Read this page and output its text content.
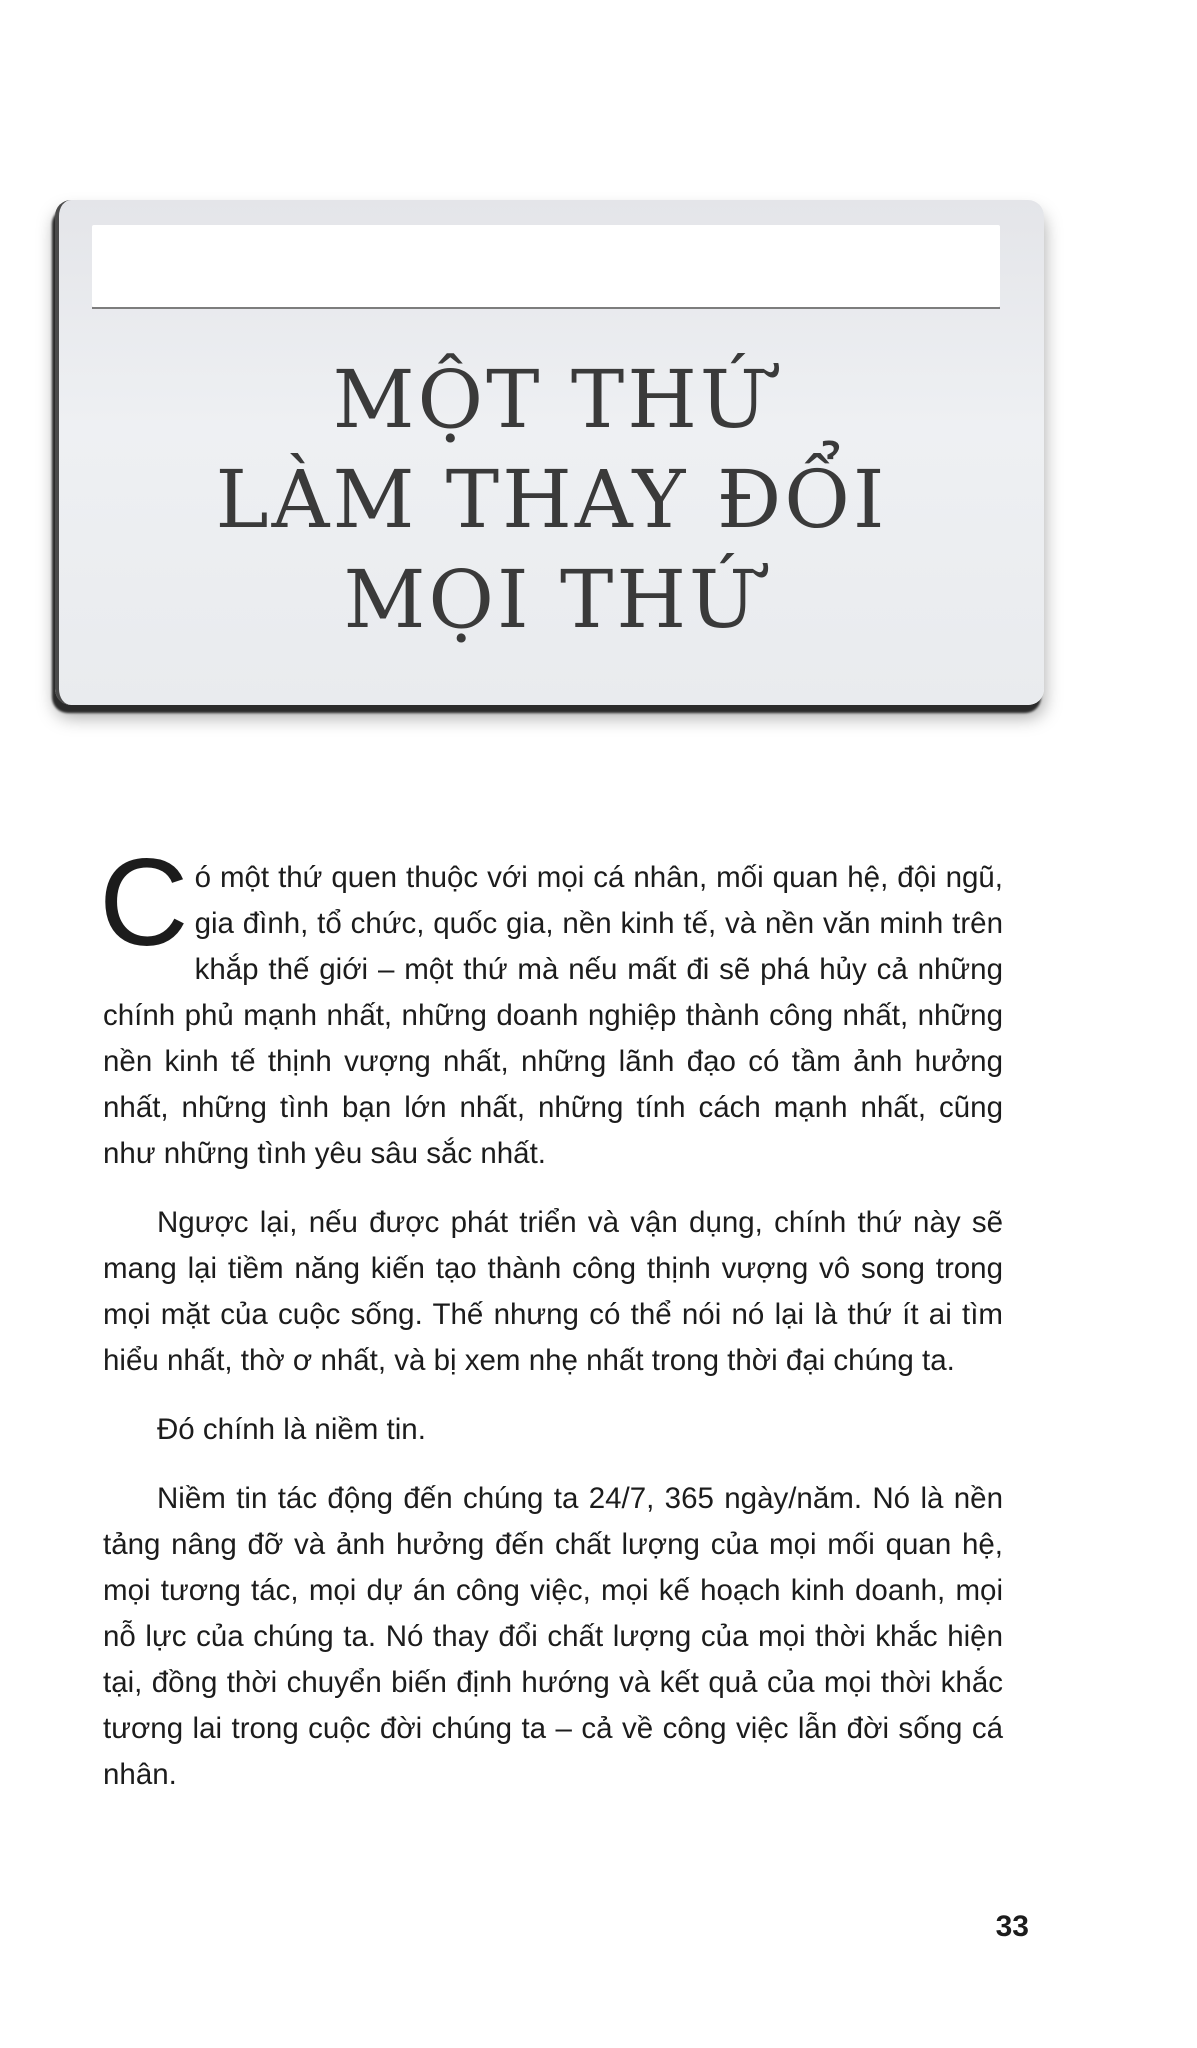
MỘT THỨ
LÀM THAY ĐỔI
MỌI THỨ

Có một thứ quen thuộc với mọi cá nhân, mối quan hệ, đội ngũ, gia đình, tổ chức, quốc gia, nền kinh tế, và nền văn minh trên khắp thế giới – một thứ mà nếu mất đi sẽ phá hủy cả những chính phủ mạnh nhất, những doanh nghiệp thành công nhất, những nền kinh tế thịnh vượng nhất, những lãnh đạo có tầm ảnh hưởng nhất, những tình bạn lớn nhất, những tính cách mạnh nhất, cũng như những tình yêu sâu sắc nhất.

Ngược lại, nếu được phát triển và vận dụng, chính thứ này sẽ mang lại tiềm năng kiến tạo thành công thịnh vượng vô song trong mọi mặt của cuộc sống. Thế nhưng có thể nói nó lại là thứ ít ai tìm hiểu nhất, thờ ơ nhất, và bị xem nhẹ nhất trong thời đại chúng ta.

Đó chính là niềm tin.

Niềm tin tác động đến chúng ta 24/7, 365 ngày/năm. Nó là nền tảng nâng đỡ và ảnh hưởng đến chất lượng của mọi mối quan hệ, mọi tương tác, mọi dự án công việc, mọi kế hoạch kinh doanh, mọi nỗ lực của chúng ta. Nó thay đổi chất lượng của mọi thời khắc hiện tại, đồng thời chuyển biến định hướng và kết quả của mọi thời khắc tương lai trong cuộc đời chúng ta – cả về công việc lẫn đời sống cá nhân.

33
